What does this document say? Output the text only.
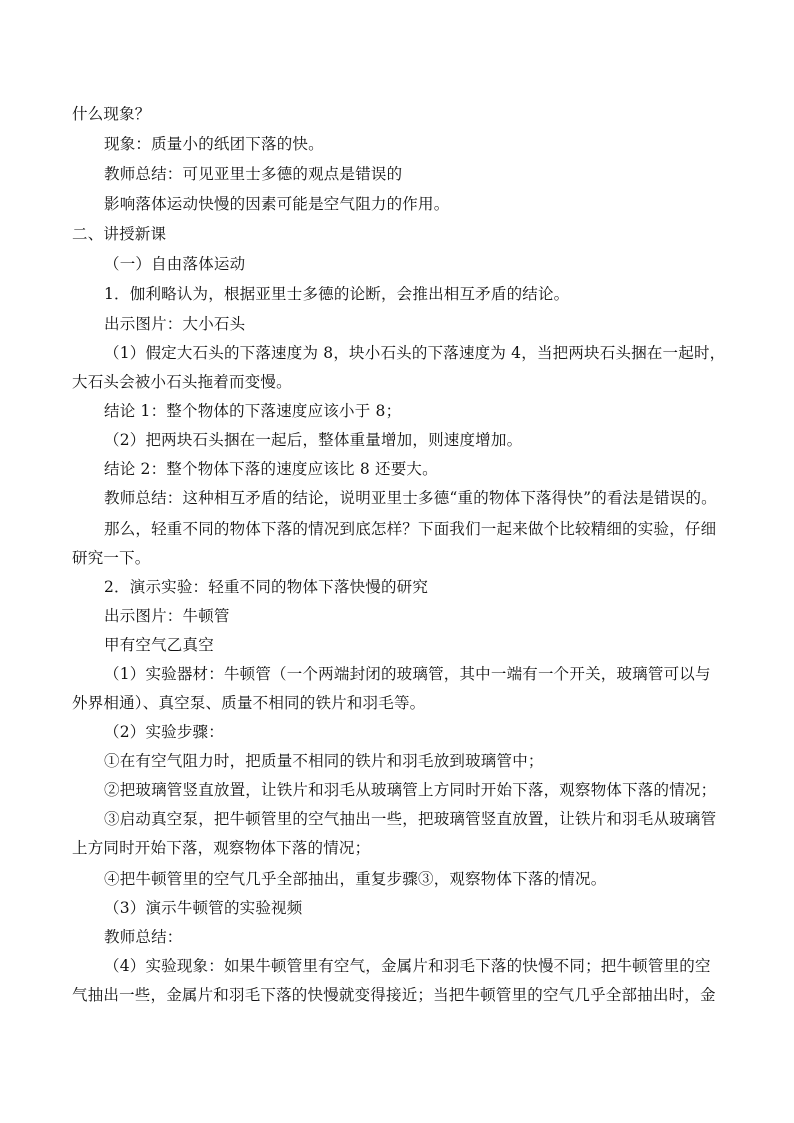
什么现象？
现象：质量小的纸团下落的快。
教师总结：可见亚里士多德的观点是错误的
影响落体运动快慢的因素可能是空气阻力的作用。
二、讲授新课
（一）自由落体运动
1．伽利略认为，根据亚里士多德的论断，会推出相互矛盾的结论。
出示图片：大小石头
（1）假定大石头的下落速度为 8，块小石头的下落速度为 4，当把两块石头捆在一起时，
大石头会被小石头拖着而变慢。
结论 1：整个物体的下落速度应该小于 8；
（2）把两块石头捆在一起后，整体重量增加，则速度增加。
结论 2：整个物体下落的速度应该比 8 还要大。
教师总结：这种相互矛盾的结论，说明亚里士多德“重的物体下落得快”的看法是错误的。
那么，轻重不同的物体下落的情况到底怎样？下面我们一起来做个比较精细的实验，仔细
研究一下。
2．演示实验：轻重不同的物体下落快慢的研究
出示图片：牛顿管
甲有空气乙真空
（1）实验器材：牛顿管（一个两端封闭的玻璃管，其中一端有一个开关，玻璃管可以与
外界相通）、真空泵、质量不相同的铁片和羽毛等。
（2）实验步骤：
①在有空气阻力时，把质量不相同的铁片和羽毛放到玻璃管中；
②把玻璃管竖直放置，让铁片和羽毛从玻璃管上方同时开始下落，观察物体下落的情况；
③启动真空泵，把牛顿管里的空气抽出一些，把玻璃管竖直放置，让铁片和羽毛从玻璃管
上方同时开始下落，观察物体下落的情况；
④把牛顿管里的空气几乎全部抽出，重复步骤③，观察物体下落的情况。
（3）演示牛顿管的实验视频
教师总结：
（4）实验现象：如果牛顿管里有空气，金属片和羽毛下落的快慢不同；把牛顿管里的空
气抽出一些，金属片和羽毛下落的快慢就变得接近；当把牛顿管里的空气几乎全部抽出时，金
